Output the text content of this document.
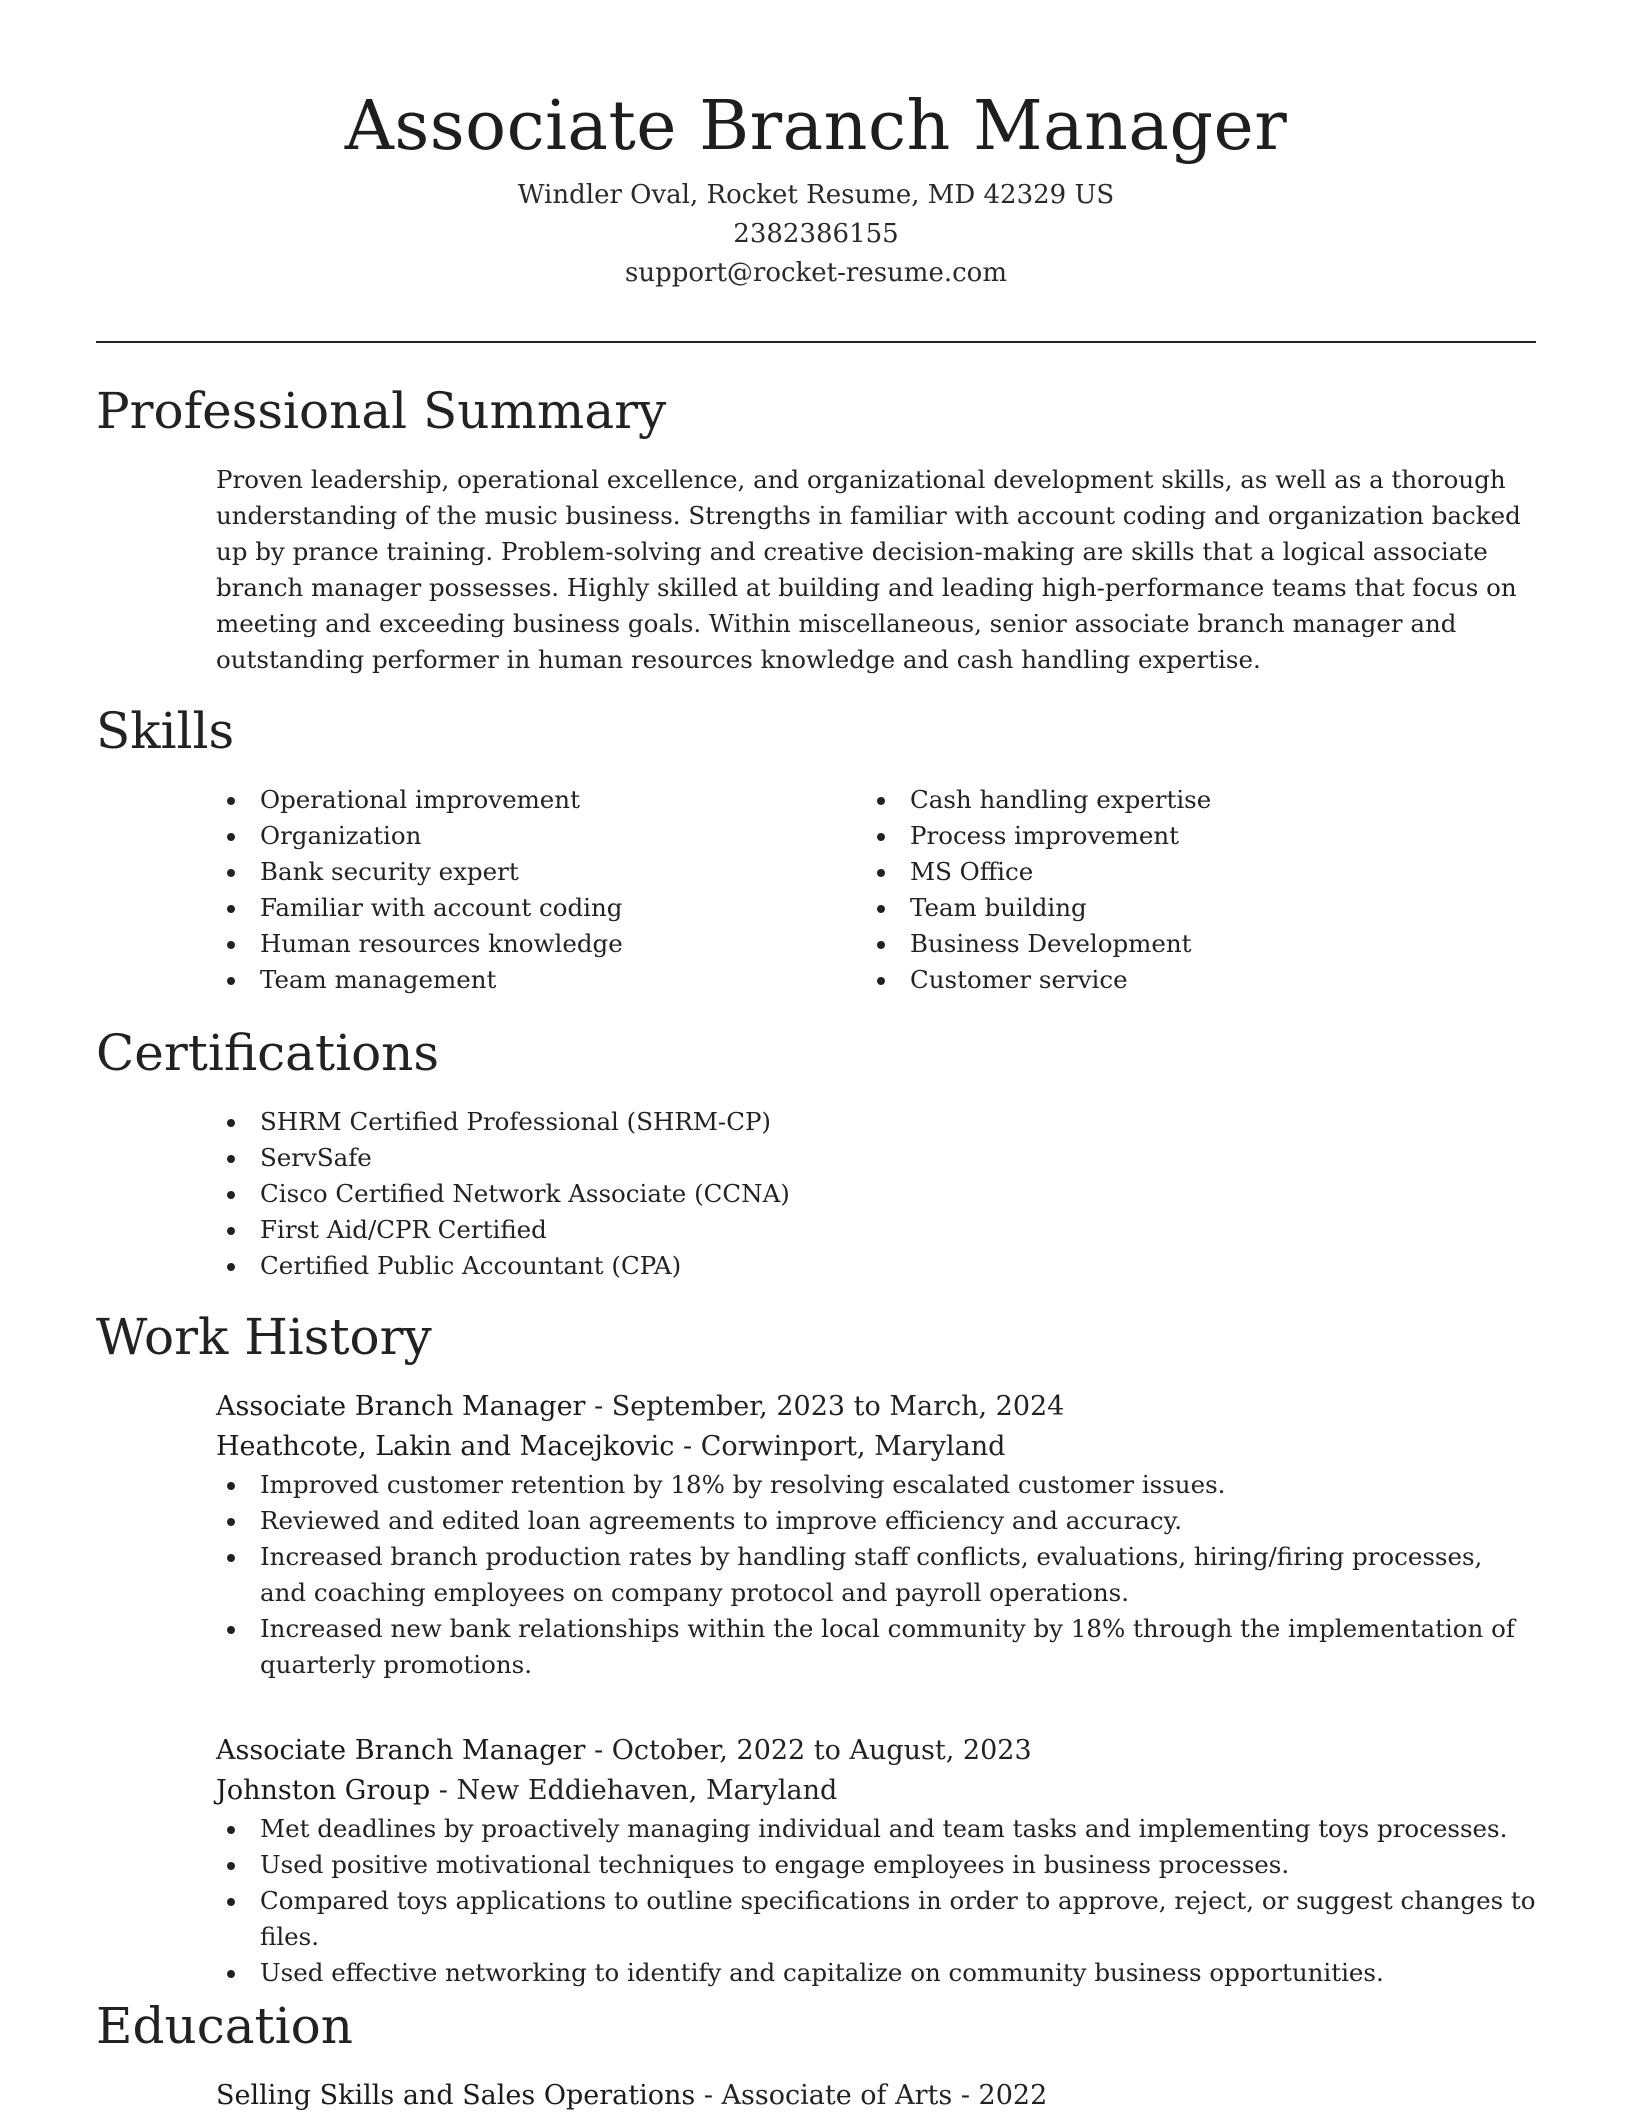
Associate Branch Manager
Windler Oval, Rocket Resume, MD 42329 US
2382386155
support@rocket-resume.com
Professional Summary

Proven leadership, operational excellence, and organizational development skills, as well as a thorough understanding of the music business. Strengths in familiar with account coding and organization backed up by prance training. Problem-solving and creative decision-making are skills that a logical associate branch manager possesses. Highly skilled at building and leading high-performance teams that focus on meeting and exceeding business goals. Within miscellaneous, senior associate branch manager and outstanding performer in human resources knowledge and cash handling expertise.

Skills
Operational improvement
Organization
Bank security expert
Familiar with account coding
Human resources knowledge
Team management
Cash handling expertise
Process improvement
MS Office
Team building
Business Development
Customer service
Certifications
SHRM Certified Professional (SHRM-CP)
ServSafe
Cisco Certified Network Associate (CCNA)
First Aid/CPR Certified
Certified Public Accountant (CPA)
Work History
Associate Branch Manager - September, 2023 to March, 2024
Heathcote, Lakin and Macejkovic - Corwinport, Maryland
Improved customer retention by 18% by resolving escalated customer issues.
Reviewed and edited loan agreements to improve efficiency and accuracy.
Increased branch production rates by handling staff conflicts, evaluations, hiring/firing processes, and coaching employees on company protocol and payroll operations.
Increased new bank relationships within the local community by 18% through the implementation of quarterly promotions.
Associate Branch Manager - October, 2022 to August, 2023
Johnston Group - New Eddiehaven, Maryland
Met deadlines by proactively managing individual and team tasks and implementing toys processes.
Used positive motivational techniques to engage employees in business processes.
Compared toys applications to outline specifications in order to approve, reject, or suggest changes to files.
Used effective networking to identify and capitalize on community business opportunities.
Education
Selling Skills and Sales Operations - Associate of Arts - 2022
